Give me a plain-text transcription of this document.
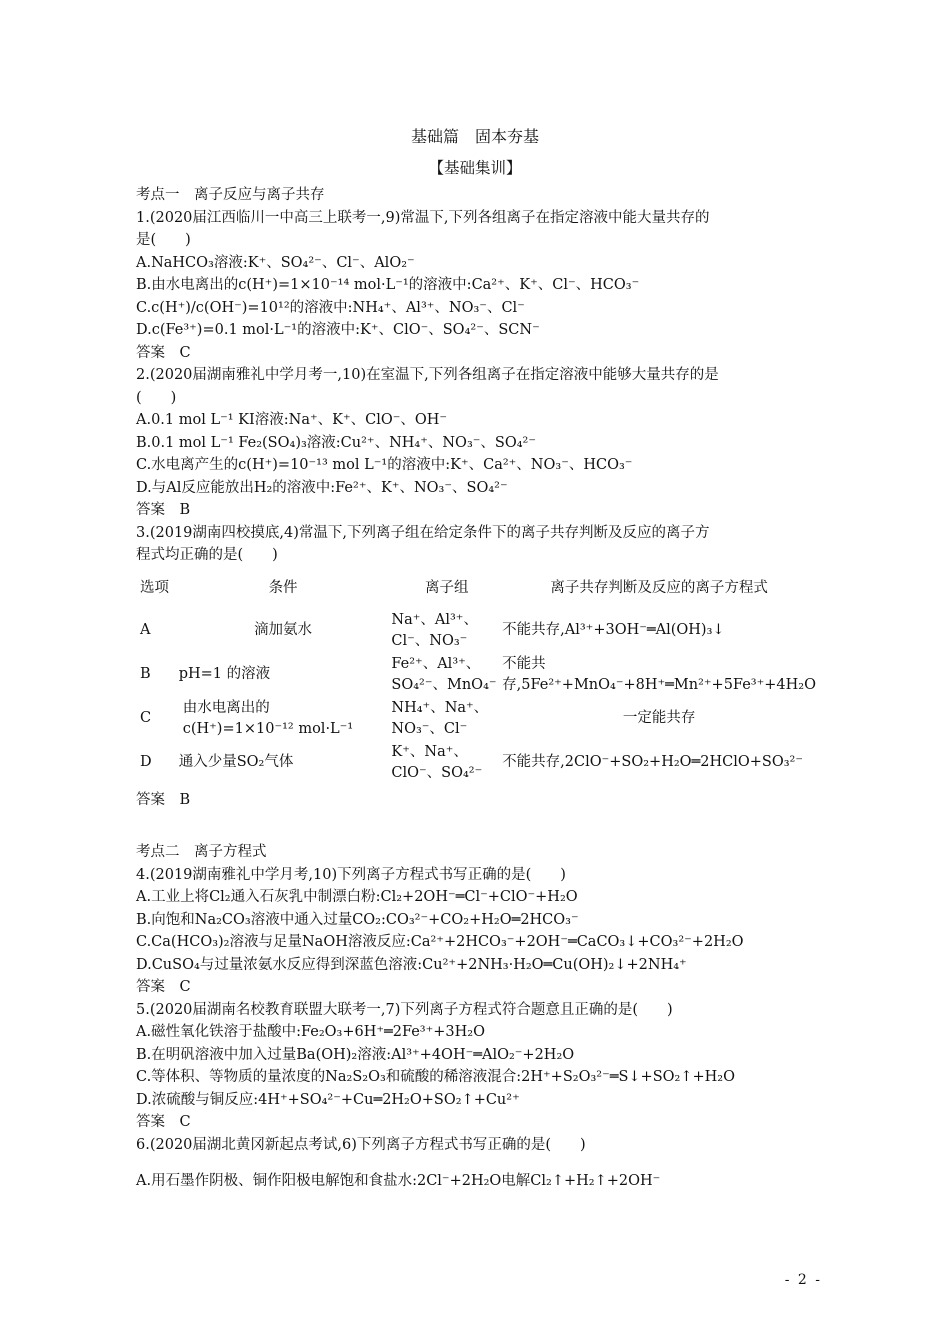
基础篇　固本夯基
【基础集训】
考点一　离子反应与离子共存
1.(2020届江西临川一中高三上联考一,9)常温下,下列各组离子在指定溶液中能大量共存的
是(　　)
A.NaHCO₃溶液:K⁺、SO₄²⁻、Cl⁻、AlO₂⁻
B.由水电离出的c(H⁺)=1×10⁻¹⁴ mol·L⁻¹的溶液中:Ca²⁺、K⁺、Cl⁻、HCO₃⁻
C.c(H⁺)/c(OH⁻)=10¹²的溶液中:NH₄⁺、Al³⁺、NO₃⁻、Cl⁻
D.c(Fe³⁺)=0.1 mol·L⁻¹的溶液中:K⁺、ClO⁻、SO₄²⁻、SCN⁻
答案　C
2.(2020届湖南雅礼中学月考一,10)在室温下,下列各组离子在指定溶液中能够大量共存的是
(　　)
A.0.1 mol L⁻¹ KI溶液:Na⁺、K⁺、ClO⁻、OH⁻
B.0.1 mol L⁻¹ Fe₂(SO₄)₃溶液:Cu²⁺、NH₄⁺、NO₃⁻、SO₄²⁻
C.水电离产生的c(H⁺)=10⁻¹³ mol L⁻¹的溶液中:K⁺、Ca²⁺、NO₃⁻、HCO₃⁻
D.与Al反应能放出H₂的溶液中:Fe²⁺、K⁺、NO₃⁻、SO₄²⁻
答案　B
3.(2019湖南四校摸底,4)常温下,下列离子组在给定条件下的离子共存判断及反应的离子方
程式均正确的是(　　)
选项	条件	离子组	离子共存判断及反应的离子方程式
A	滴加氨水	Na⁺、Al³⁺、Cl⁻、NO₃⁻	不能共存,Al³⁺+3OH⁻═Al(OH)₃↓
B	pH=1 的溶液	Fe²⁺、Al³⁺、SO₄²⁻、MnO₄⁻	不能共存,5Fe²⁺+MnO₄⁻+8H⁺═Mn²⁺+5Fe³⁺+4H₂O
C	由水电离出的c(H⁺)=1×10⁻¹² mol·L⁻¹	NH₄⁺、Na⁺、NO₃⁻、Cl⁻	一定能共存
D	通入少量SO₂气体	K⁺、Na⁺、ClO⁻、SO₄²⁻	不能共存,2ClO⁻+SO₂+H₂O═2HClO+SO₃²⁻
答案　B
考点二　离子方程式
4.(2019湖南雅礼中学月考,10)下列离子方程式书写正确的是(　　)
A.工业上将Cl₂通入石灰乳中制漂白粉:Cl₂+2OH⁻═Cl⁻+ClO⁻+H₂O
B.向饱和Na₂CO₃溶液中通入过量CO₂:CO₃²⁻+CO₂+H₂O═2HCO₃⁻
C.Ca(HCO₃)₂溶液与足量NaOH溶液反应:Ca²⁺+2HCO₃⁻+2OH⁻═CaCO₃↓+CO₃²⁻+2H₂O
D.CuSO₄与过量浓氨水反应得到深蓝色溶液:Cu²⁺+2NH₃·H₂O═Cu(OH)₂↓+2NH₄⁺
答案　C
5.(2020届湖南名校教育联盟大联考一,7)下列离子方程式符合题意且正确的是(　　)
A.磁性氧化铁溶于盐酸中:Fe₂O₃+6H⁺═2Fe³⁺+3H₂O
B.在明矾溶液中加入过量Ba(OH)₂溶液:Al³⁺+4OH⁻═AlO₂⁻+2H₂O
C.等体积、等物质的量浓度的Na₂S₂O₃和硫酸的稀溶液混合:2H⁺+S₂O₃²⁻═S↓+SO₂↑+H₂O
D.浓硫酸与铜反应:4H⁺+SO₄²⁻+Cu═2H₂O+SO₂↑+Cu²⁺
答案　C
6.(2020届湖北黄冈新起点考试,6)下列离子方程式书写正确的是(　　)
A.用石墨作阴极、铜作阳极电解饱和食盐水:2Cl⁻+2H₂O电解Cl₂↑+H₂↑+2OH⁻
- 2 -
